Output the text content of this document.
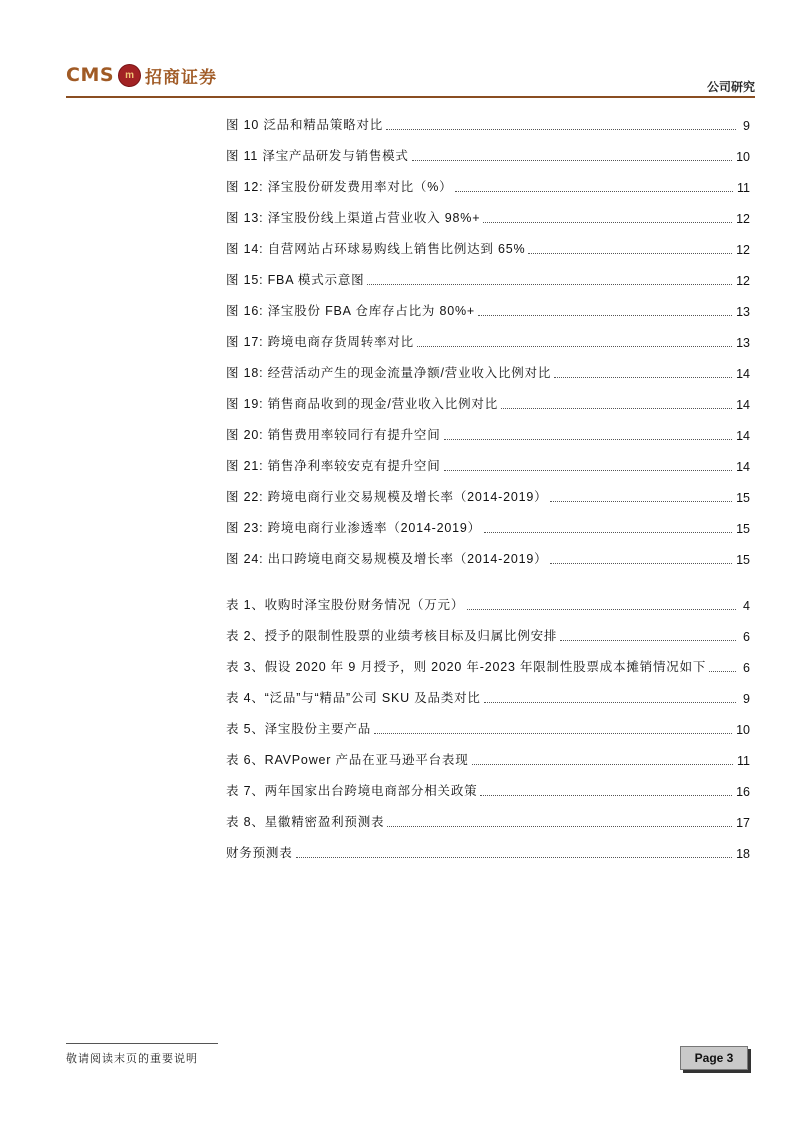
CMS	m 招商证券	公司研究
图 10 泛品和精品策略对比	9
图 11 泽宝产品研发与销售模式	10
图 12: 泽宝股份研发费用率对比（%）	11
图 13: 泽宝股份线上渠道占营业收入 98%+	12
图 14: 自营网站占环球易购线上销售比例达到 65%	12
图 15: FBA 模式示意图	12
图 16: 泽宝股份 FBA 仓库存占比为 80%+	13
图 17: 跨境电商存货周转率对比	13
图 18: 经营活动产生的现金流量净额/营业收入比例对比	14
图 19: 销售商品收到的现金/营业收入比例对比	14
图 20: 销售费用率较同行有提升空间	14
图 21: 销售净利率较安克有提升空间	14
图 22: 跨境电商行业交易规模及增长率（2014-2019）	15
图 23: 跨境电商行业渗透率（2014-2019）	15
图 24: 出口跨境电商交易规模及增长率（2014-2019）	15
表 1、收购时泽宝股份财务情况（万元）	4
表 2、授予的限制性股票的业绩考核目标及归属比例安排	6
表 3、假设 2020 年 9 月授予，则 2020 年-2023 年限制性股票成本摊销情况如下	6
表 4、“泛品”与“精品”公司 SKU 及品类对比	9
表 5、泽宝股份主要产品	10
表 6、RAVPower 产品在亚马逊平台表现	11
表 7、两年国家出台跨境电商部分相关政策	16
表 8、星徽精密盈利预测表	17
财务预测表	18
敬请阅读末页的重要说明	Page 3
